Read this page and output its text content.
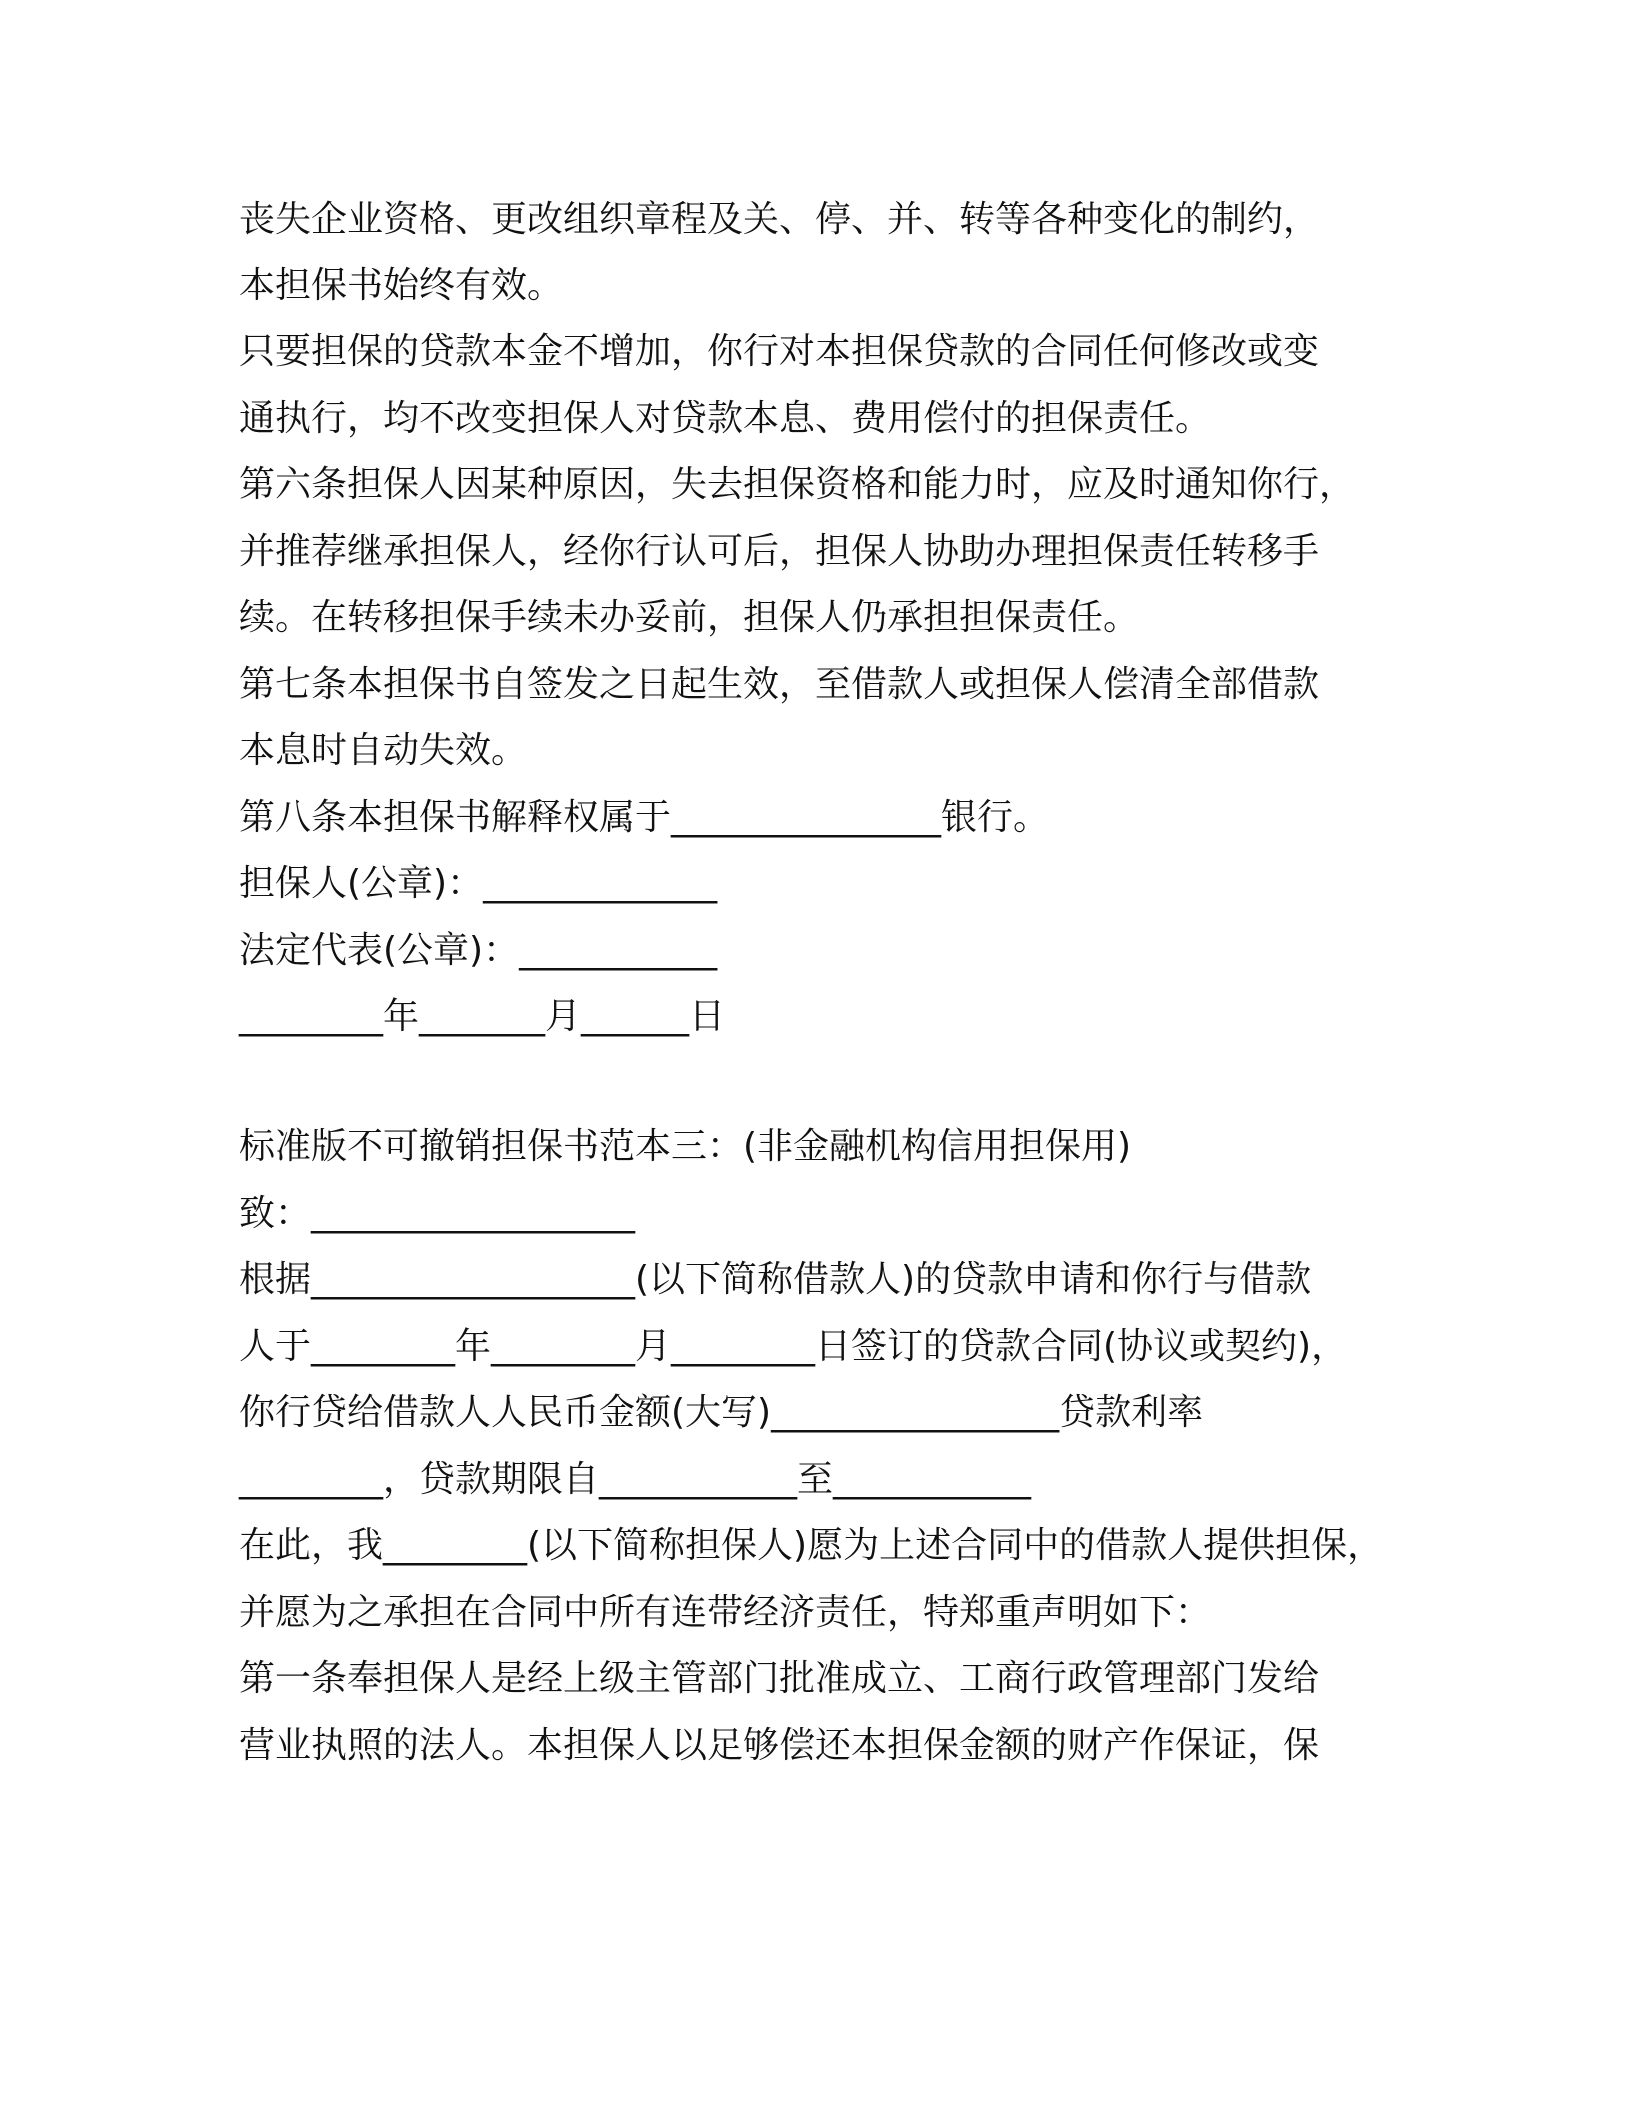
丧失企业资格、更改组织章程及关、停、并、转等各种变化的制约，
本担保书始终有效。
只要担保的贷款本金不增加，你行对本担保贷款的合同任何修改或变
通执行，均不改变担保人对贷款本息、费用偿付的担保责任。
第六条担保人因某种原因，失去担保资格和能力时，应及时通知你行，
并推荐继承担保人，经你行认可后，担保人协助办理担保责任转移手
续。在转移担保手续未办妥前，担保人仍承担担保责任。
第七条本担保书自签发之日起生效，至借款人或担保人偿清全部借款
本息时自动失效。
第八条本担保书解释权属于_______________银行。
担保人(公章)：_____________
法定代表(公章)：___________
________年_______月______日
标准版不可撤销担保书范本三：(非金融机构信用担保用)
致：__________________
根据__________________(以下简称借款人)的贷款申请和你行与借款
人于________年________月________日签订的贷款合同(协议或契约)，
你行贷给借款人人民币金额(大写)________________贷款利率
________，贷款期限自___________至___________
在此，我________(以下简称担保人)愿为上述合同中的借款人提供担保，
并愿为之承担在合同中所有连带经济责任，特郑重声明如下：
第一条奉担保人是经上级主管部门批准成立、工商行政管理部门发给
营业执照的法人。本担保人以足够偿还本担保金额的财产作保证，保
